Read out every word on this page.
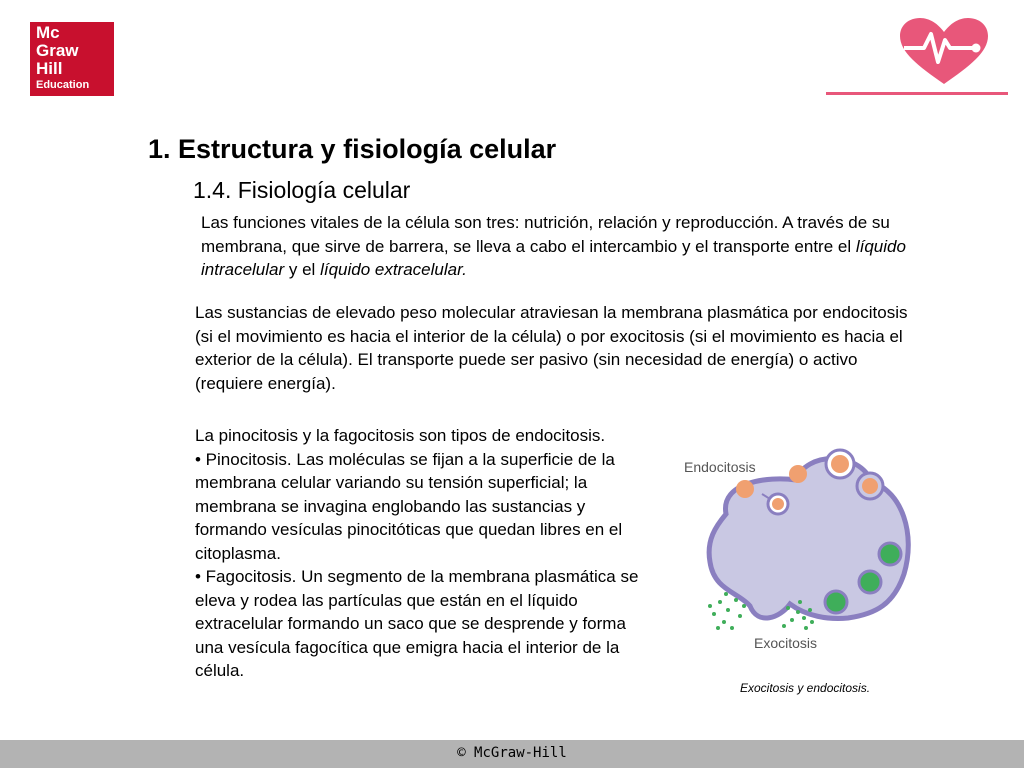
Mc
Graw
Hill
Education
1. Estructura y fisiología celular
1.4. Fisiología celular
Las funciones vitales de la célula son tres: nutrición, relación y reproducción. A través de su membrana, que sirve de barrera, se lleva a cabo el intercambio y el transporte entre el líquido intracelular y el líquido extracelular.
Las sustancias de elevado peso molecular atraviesan la membrana plasmática por endocitosis (si el movimiento es hacia el interior de la célula) o por exocitosis (si el movimiento es hacia el exterior de la célula). El transporte puede ser pasivo (sin necesidad de energía) o activo (requiere energía).
La pinocitosis y la fagocitosis son tipos de endocitosis.
• Pinocitosis. Las moléculas se fijan a la superficie de la membrana celular variando su tensión superficial; la membrana se invagina englobando las sustancias y formando vesículas pinocitóticas que quedan libres en el citoplasma.
• Fagocitosis. Un segmento de la membrana plasmática se eleva y rodea las partículas que están en el líquido extracelular formando un saco que se desprende y forma una vesícula fagocítica que emigra hacia el interior de la célula.
Endocitosis
Exocitosis
Exocitosis y endocitosis.
© McGraw-Hill
